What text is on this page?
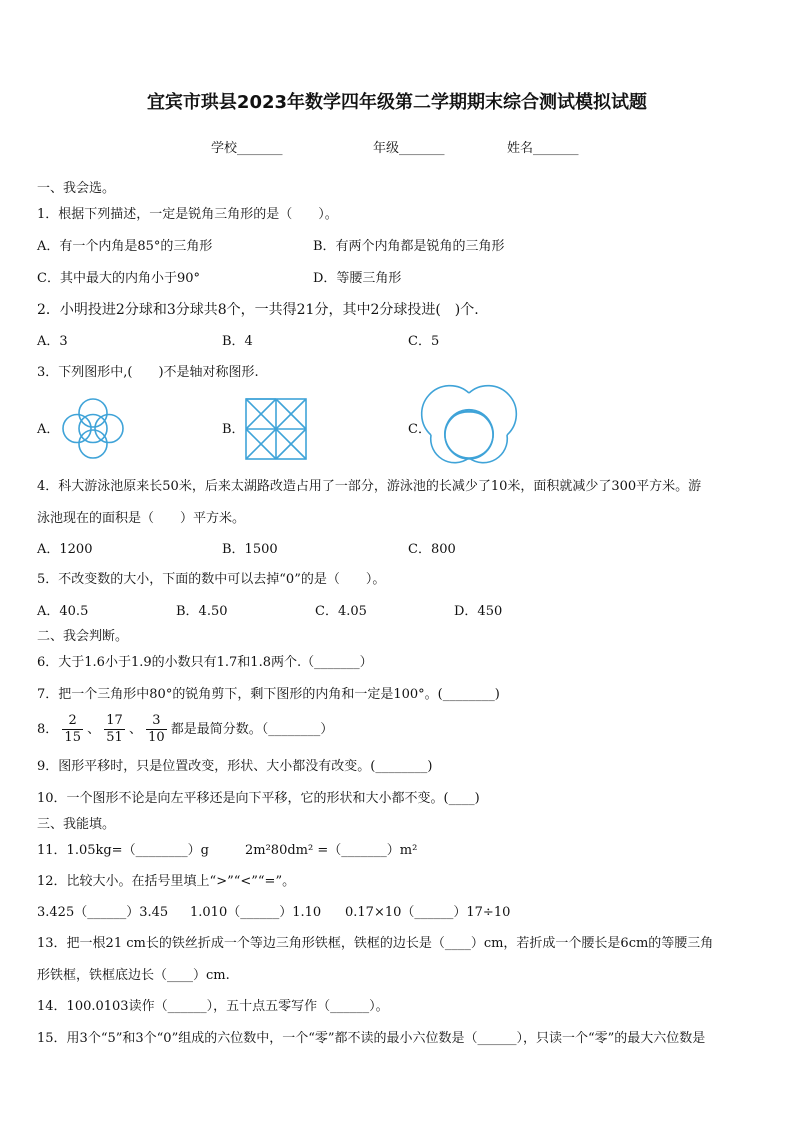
宜宾市珙县2023年数学四年级第二学期期末综合测试模拟试题
学校_______	年级_______	姓名_______
一、我会选。
1．根据下列描述，一定是锐角三角形的是（　　）。
A．有一个内角是85°的三角形	B．有两个内角都是锐角的三角形
C．其中最大的内角小于90°	D．等腰三角形
2．小明投进2分球和3分球共8个，一共得21分，其中2分球投进(　)个.
A．3	B．4	C．5
3．下列图形中,(　　)不是轴对称图形.
A．	B．	C．
4．科大游泳池原来长50米，后来太湖路改造占用了一部分，游泳池的长减少了10米，面积就减少了300平方米。游
泳池现在的面积是（　　）平方米。
A．1200	B．1500	C．800
5．不改变数的大小，下面的数中可以去掉“0”的是（　　）。
A．40.5	B．4.50	C．4.05	D．450
二、我会判断。
6．大于1.6小于1.9的小数只有1.7和1.8两个.（_______）
7．把一个三角形中80°的锐角剪下，剩下图形的内角和一定是100°。(________)
8． $\frac{2}{15}$ 、 $\frac{17}{51}$ 、 $\frac{3}{10}$ 都是最简分数。（________）
9．图形平移时，只是位置改变，形状、大小都没有改变。(________)
10．一个图形不论是向左平移还是向下平移，它的形状和大小都不变。(____)
三、我能填。
11．1.05kg=（________）g	2m²80dm² =（_______）m²
12．比较大小。在括号里填上“>”“<”“=”。
3.425（______）3.45 1.010（______）1.10 0.17×10（______）17÷10
13．把一根21 cm长的铁丝折成一个等边三角形铁框，铁框的边长是（____）cm，若折成一个腰长是6cm的等腰三角
形铁框，铁框底边长（____）cm.
14．100.0103读作（______），五十点五零写作（______）。
15．用3个“5”和3个“0”组成的六位数中，一个“零”都不读的最小六位数是（______），只读一个“零”的最大六位数是
